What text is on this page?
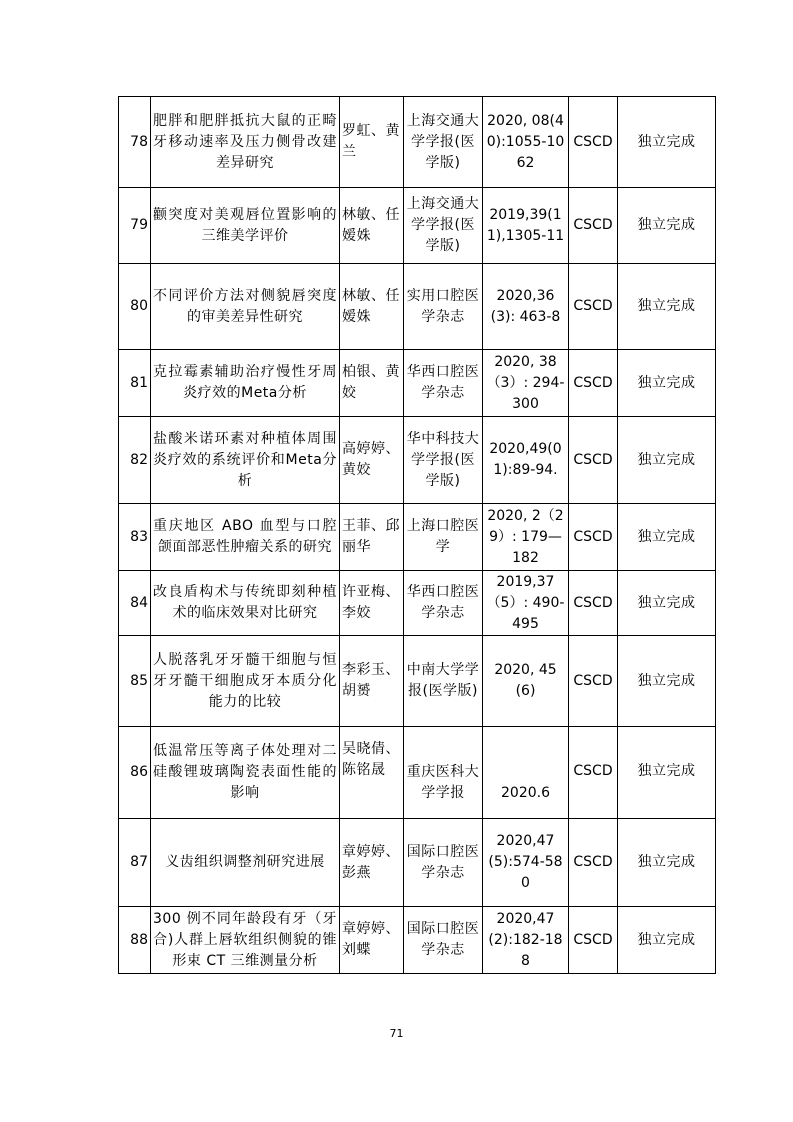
78	肥胖和肥胖抵抗大鼠的正畸牙移动速率及压力侧骨改建差异研究	罗虹、黄兰	上海交通大学学报(医学版)	2020, 08(40):1055-1062	CSCD	独立完成
79	颧突度对美观唇位置影响的三维美学评价	林敏、任嫒姝	上海交通大学学报(医学版)	2019,39(11),1305-11	CSCD	独立完成
80	不同评价方法对侧貌唇突度的审美差异性研究	林敏、任嫒姝	实用口腔医学杂志	2020,36(3): 463-8	CSCD	独立完成
81	克拉霉素辅助治疗慢性牙周炎疗效的Meta分析	柏银、黄姣	华西口腔医学杂志	2020, 38（3）: 294-300	CSCD	独立完成
82	盐酸米诺环素对种植体周围炎疗效的系统评价和Meta分析	高婷婷、黄姣	华中科技大学学报(医学版)	2020,49(01):89-94.	CSCD	独立完成
83	重庆地区 ABO 血型与口腔颌面部恶性肿瘤关系的研究	王菲、邱丽华	上海口腔医学	2020, 2（29）: 179—182	CSCD	独立完成
84	改良盾构术与传统即刻种植术的临床效果对比研究	许亚梅、李姣	华西口腔医学杂志	2019,37（5）: 490-495	CSCD	独立完成
85	人脱落乳牙牙髓干细胞与恒牙牙髓干细胞成牙本质分化能力的比较	李彩玉、胡赟	中南大学学报(医学版)	2020, 45(6)	CSCD	独立完成
86	低温常压等离子体处理对二硅酸锂玻璃陶瓷表面性能的影响	吴晓倩、陈铭晟	重庆医科大学学报	2020.6	CSCD	独立完成
87	义齿组织调整剂研究进展	章婷婷、彭燕	国际口腔医学杂志	2020,47(5):574-580	CSCD	独立完成
88	300 例不同年龄段有牙（牙合)人群上唇软组织侧貌的锥形束 CT 三维测量分析	章婷婷、刘蝶	国际口腔医学杂志	2020,47(2):182-188	CSCD	独立完成
71
